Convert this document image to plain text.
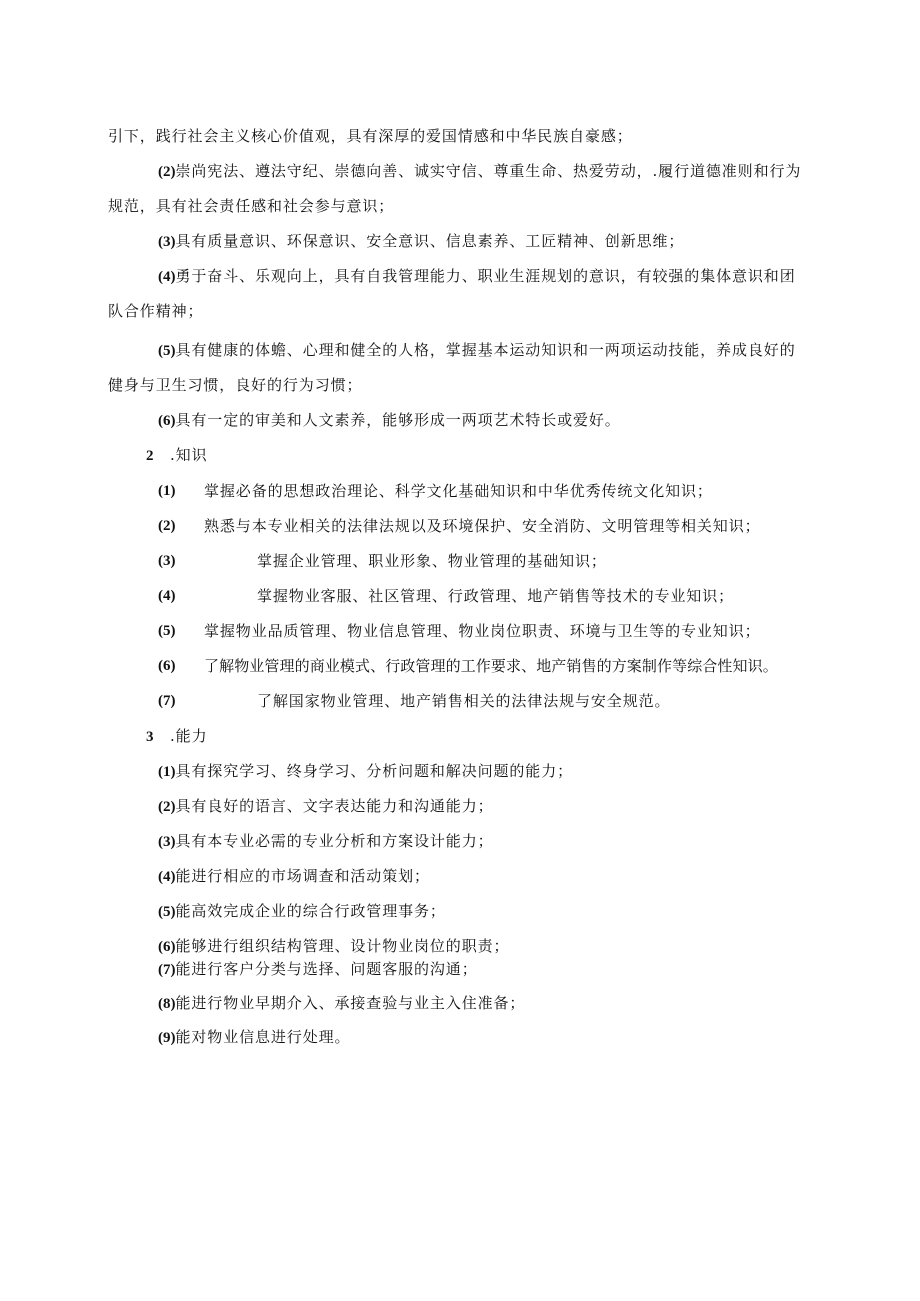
引下，践行社会主义核心价值观，具有深厚的爱国情感和中华民族自豪感；
(2)崇尚宪法、遵法守纪、崇德向善、诚实守信、尊重生命、热爱劳动，.履行道德准则和行为
规范，具有社会责任感和社会参与意识；
(3)具有质量意识、环保意识、安全意识、信息素养、工匠精神、创新思维；
(4)勇于奋斗、乐观向上，具有自我管理能力、职业生涯规划的意识，有较强的集体意识和团
队合作精神；
(5)具有健康的体蟾、心理和健全的人格，掌握基本运动知识和一两项运动技能，养成良好的
健身与卫生习惯，良好的行为习惯；
(6)具有一定的审美和人文素养，能够形成一两项艺术特长或爱好。
2 .知识
(1) 掌握必备的思想政治理论、科学文化基础知识和中华优秀传统文化知识；
(2) 熟悉与本专业相关的法律法规以及环境保护、安全消防、文明管理等相关知识；
(3)	掌握企业管理、职业形象、物业管理的基础知识；
(4)	掌握物业客服、社区管理、行政管理、地产销售等技术的专业知识；
(5) 掌握物业品质管理、物业信息管理、物业岗位职责、环境与卫生等的专业知识；
(6) 了解物业管理的商业模式、行政管理的工作要求、地产销售的方案制作等综合性知识。
(7)	了解国家物业管理、地产销售相关的法律法规与安全规范。
3 .能力
(1)具有探究学习、终身学习、分析问题和解决问题的能力；
(2)具有良好的语言、文字表达能力和沟通能力；
(3)具有本专业必需的专业分析和方案设计能力；
(4)能进行相应的市场调查和活动策划；
(5)能高效完成企业的综合行政管理事务；
(6)能够进行组织结构管理、设计物业岗位的职责；
(7)能进行客户分类与选择、问题客服的沟通；
(8)能进行物业早期介入、承接查验与业主入住准备；
(9)能对物业信息进行处理。
